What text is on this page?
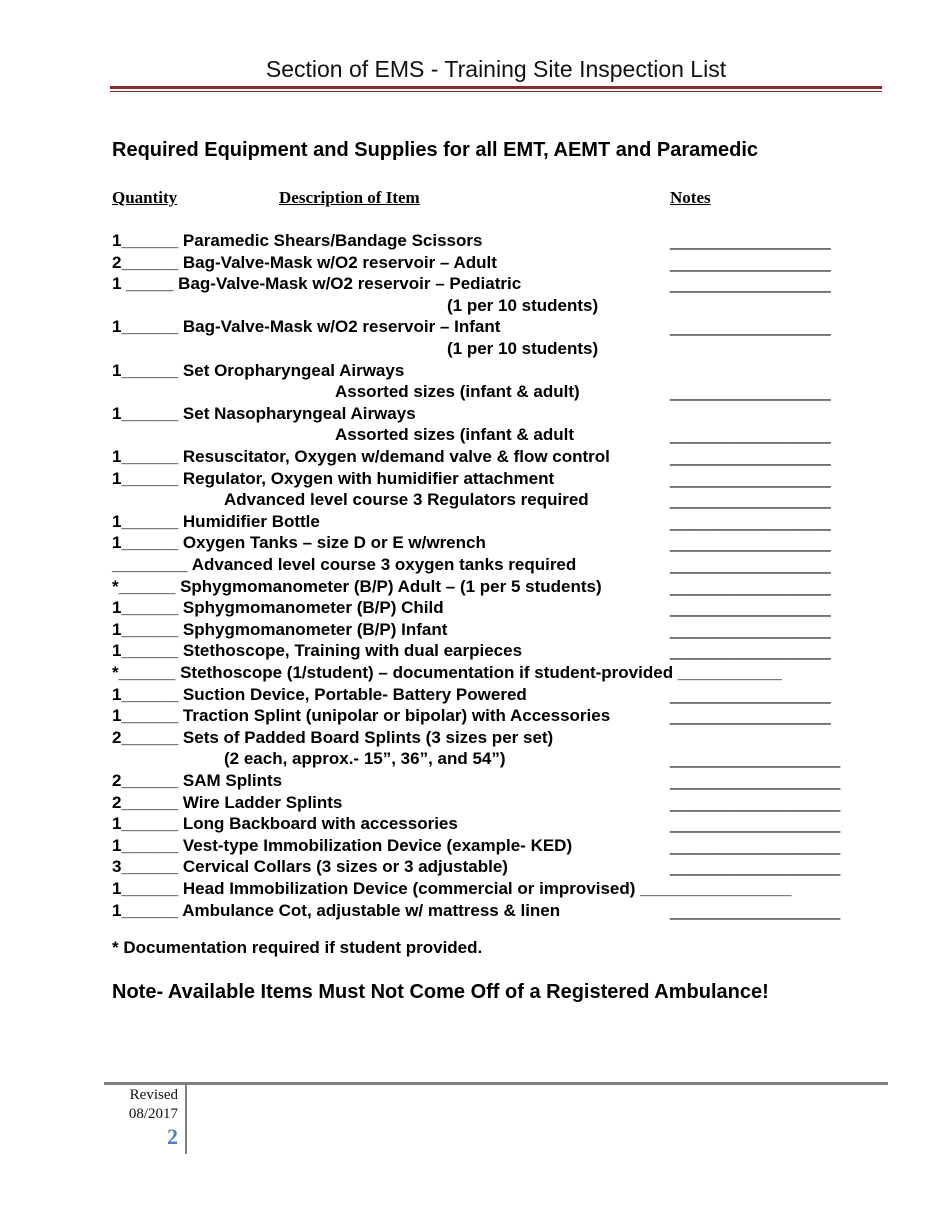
Section of EMS - Training Site Inspection List
Required Equipment and Supplies for all EMT, AEMT and Paramedic
Quantity	Description of Item	Notes
1______ Paramedic Shears/Bandage Scissors	_________________
2______ Bag-Valve-Mask w/O2 reservoir – Adult	_________________
1 _____ Bag-Valve-Mask w/O2 reservoir – Pediatric	_________________
(1 per 10 students)
1______ Bag-Valve-Mask w/O2 reservoir – Infant	_________________
(1 per 10 students)
1______ Set Oropharyngeal Airways
Assorted sizes (infant & adult)	_________________
1______ Set Nasopharyngeal Airways
Assorted sizes (infant & adult	_________________
1______ Resuscitator, Oxygen w/demand valve & flow control	_________________
1______ Regulator, Oxygen with humidifier attachment	_________________
Advanced level course 3 Regulators required	_________________
1______ Humidifier Bottle	_________________
1______ Oxygen Tanks – size D or E w/wrench	_________________
________ Advanced level course 3 oxygen tanks required	_________________
*______ Sphygmomanometer (B/P) Adult – (1 per 5 students)	_________________
1______ Sphygmomanometer (B/P) Child	_________________
1______ Sphygmomanometer (B/P) Infant	_________________
1______ Stethoscope, Training with dual earpieces	_________________
*______ Stethoscope (1/student) – documentation if student-provided ___________
1______ Suction Device, Portable- Battery Powered	_________________
1______ Traction Splint (unipolar or bipolar) with Accessories	_________________
2______ Sets of Padded Board Splints (3 sizes per set)
(2 each, approx.- 15”, 36”, and 54”)	__________________
2______ SAM Splints	__________________
2______ Wire Ladder Splints	__________________
1______ Long Backboard with accessories	__________________
1______ Vest-type Immobilization Device (example- KED)	__________________
3______ Cervical Collars (3 sizes or 3 adjustable)	__________________
1______ Head Immobilization Device (commercial or improvised) ________________
1______ Ambulance Cot, adjustable w/ mattress & linen	__________________
* Documentation required if student provided.
Note- Available Items Must Not Come Off of a Registered Ambulance!
Revised
08/2017
2
